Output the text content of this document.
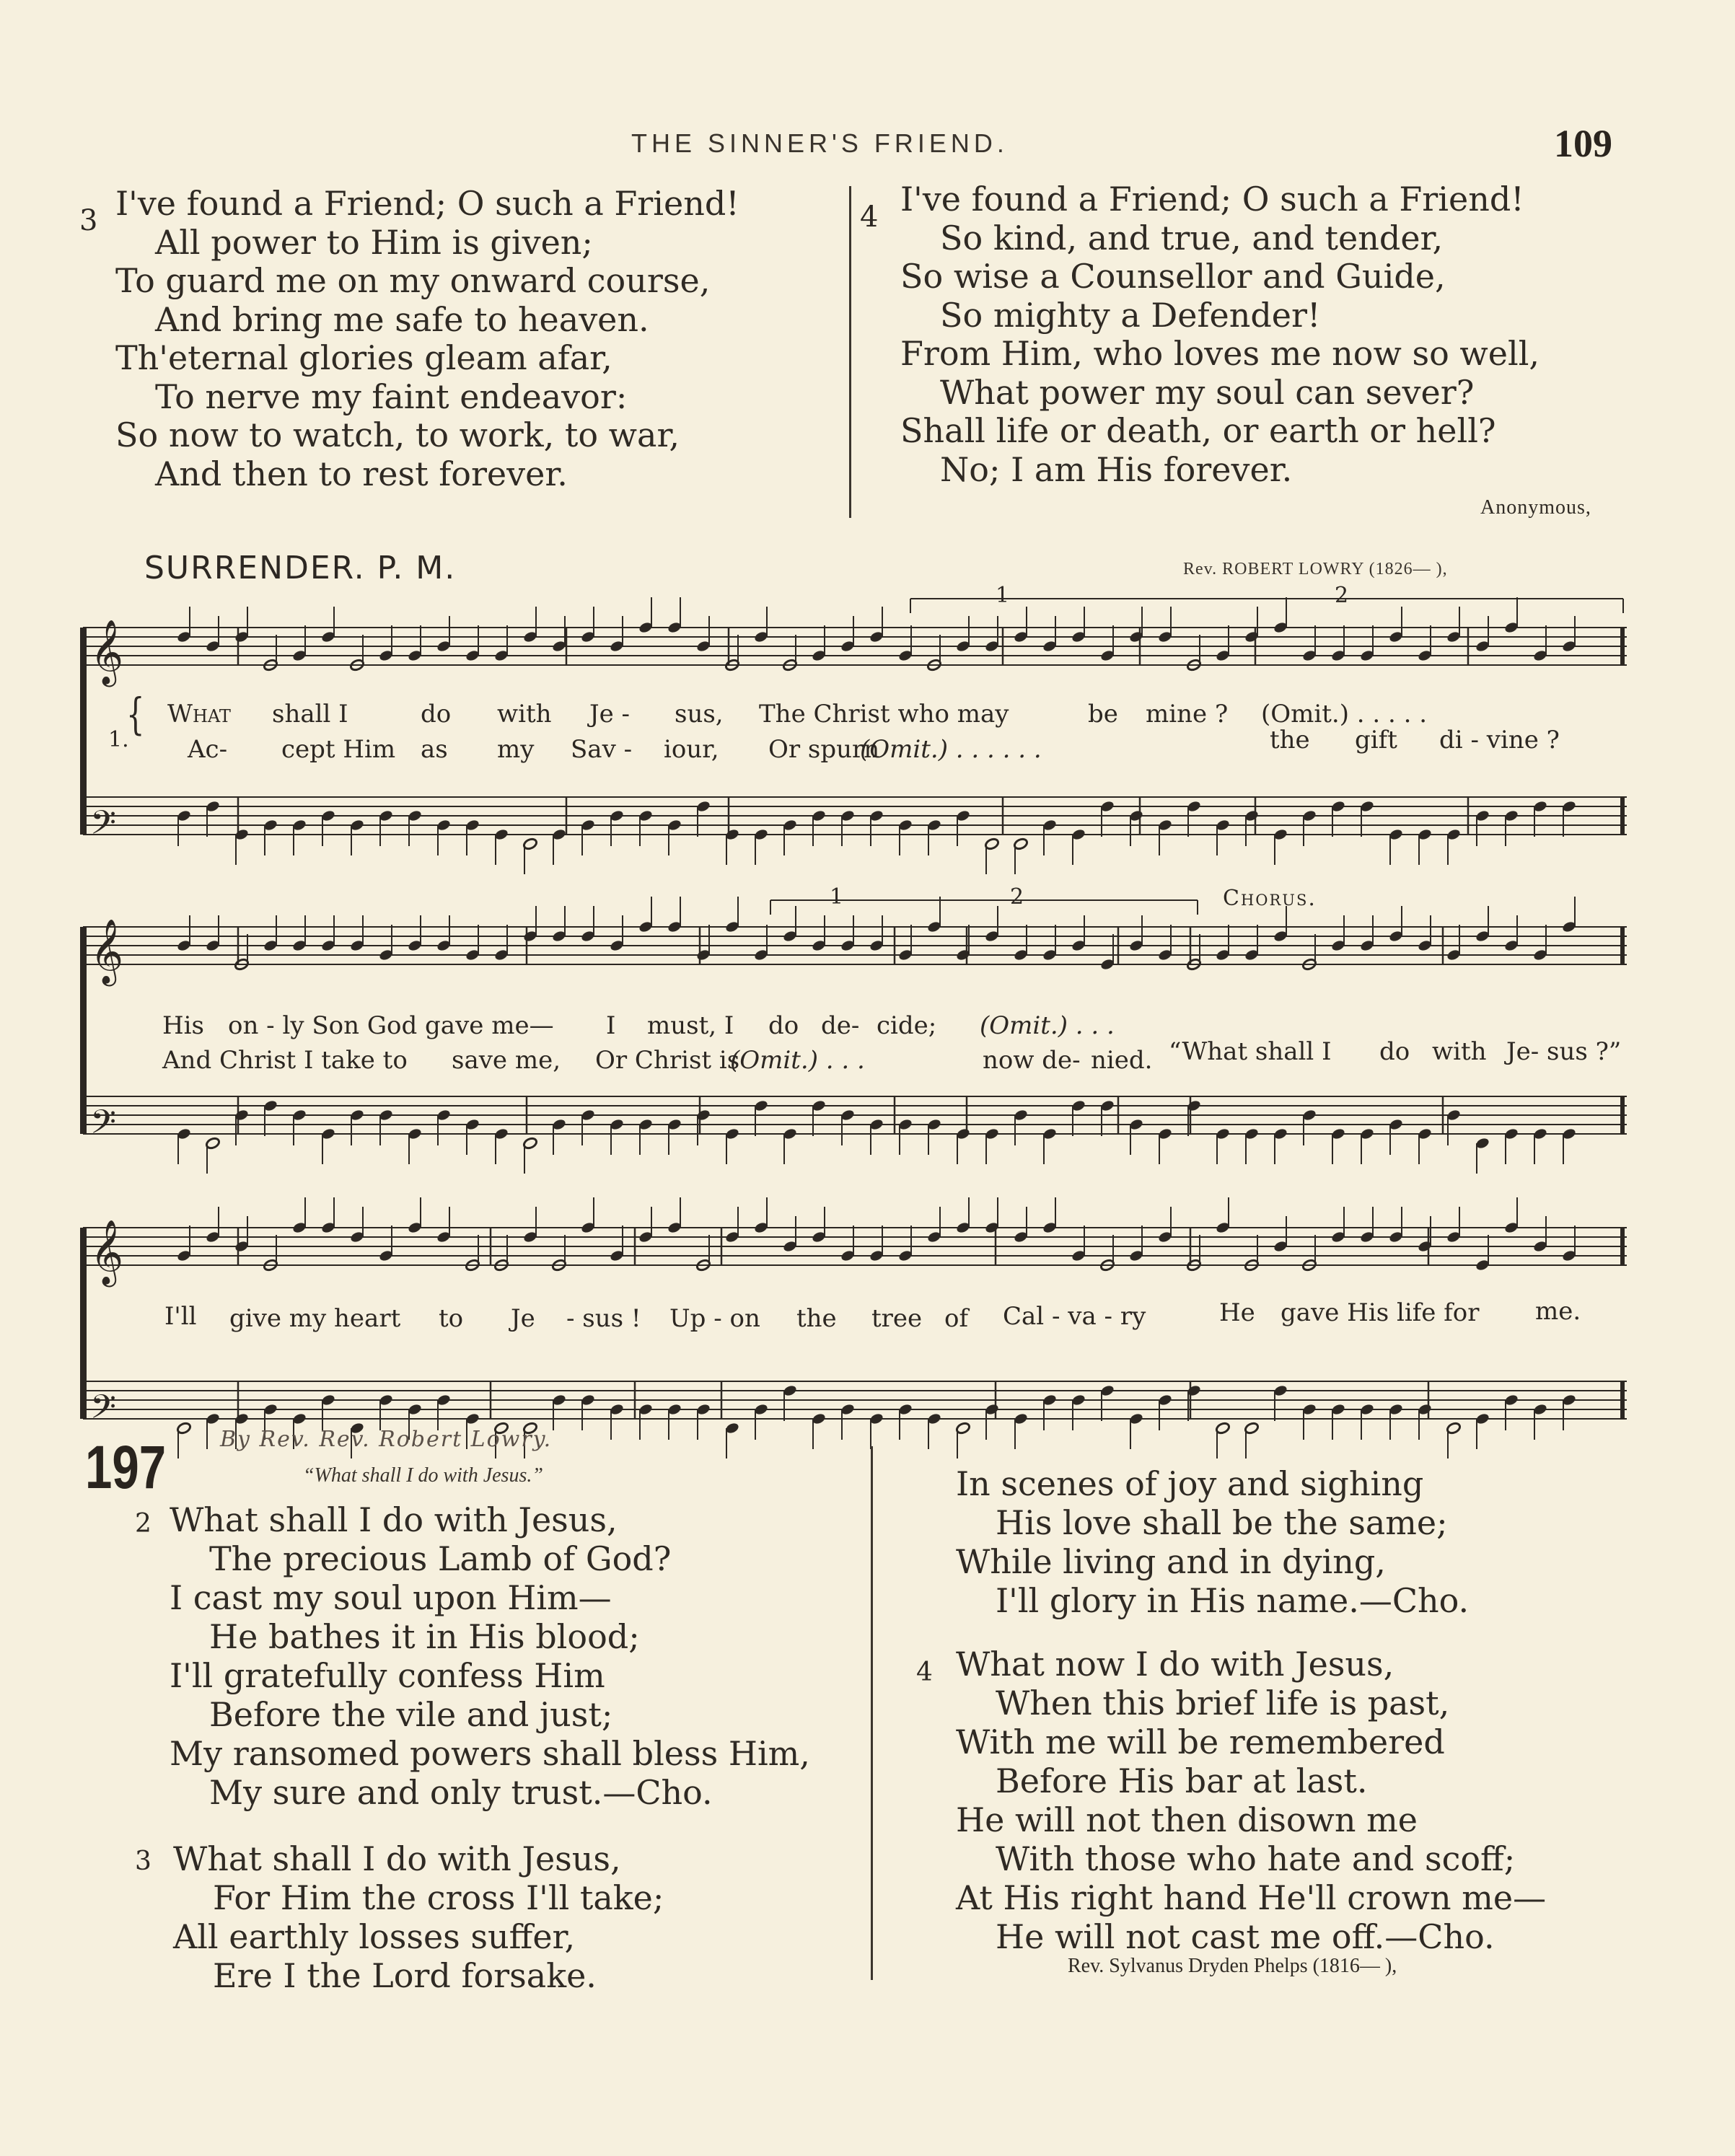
THE SINNER'S FRIEND.	109
3 I've found a Friend; O such a Friend!
All power to Him is given;
To guard me on my onward course,
And bring me safe to heaven.
Th'eternal glories gleam afar,
To nerve my faint endeavor:
So now to watch, to work, to war,
And then to rest forever.
4 I've found a Friend; O such a Friend!
So kind, and true, and tender,
So wise a Counsellor and Guide,
So mighty a Defender!
From Him, who loves me now so well,
What power my soul can sever?
Shall life or death, or earth or hell?
No; I am His forever.
Anonymous,
SURRENDER. P. M.	Rev. ROBERT LOWRY (1826— ),
𝄞
𝄢
𝄞
𝄢
𝄞
𝄢
1	2
1	2	Chorus.
1.
{ What shall I	do with Je - sus, The Christ who may	be mine ? (Omit.) . . . . .
Ac- cept Him as my Sav - iour, Or spurn
(Omit.) . . . . . .	the gift di - vine ?
His on - ly Son God gave me— I must, I do de- cide; (Omit.) . . .
And Christ I take to save me, Or Christ is
(Omit.) . . .	now de- nied. “What shall I do with Je- sus ?”
I'll give my heart to Je - sus ! Up - on the tree of Cal - va - ry	He gave His life for me.
197 By Rev. Rev. Robert Lowry.
“What shall I do with Jesus.”
2 What shall I do with Jesus,
The precious Lamb of God?
I cast my soul upon Him—
He bathes it in His blood;
I'll gratefully confess Him
Before the vile and just;
My ransomed powers shall bless Him,
My sure and only trust.—Cho.
3 What shall I do with Jesus,
For Him the cross I'll take;
All earthly losses suffer,
Ere I the Lord forsake.
In scenes of joy and sighing
His love shall be the same;
While living and in dying,
I'll glory in His name.—Cho.
4 What now I do with Jesus,
When this brief life is past,
With me will be remembered
Before His bar at last.
He will not then disown me
With those who hate and scoff;
At His right hand He'll crown me—
He will not cast me off.—Cho.
Rev. Sylvanus Dryden Phelps (1816— ),
